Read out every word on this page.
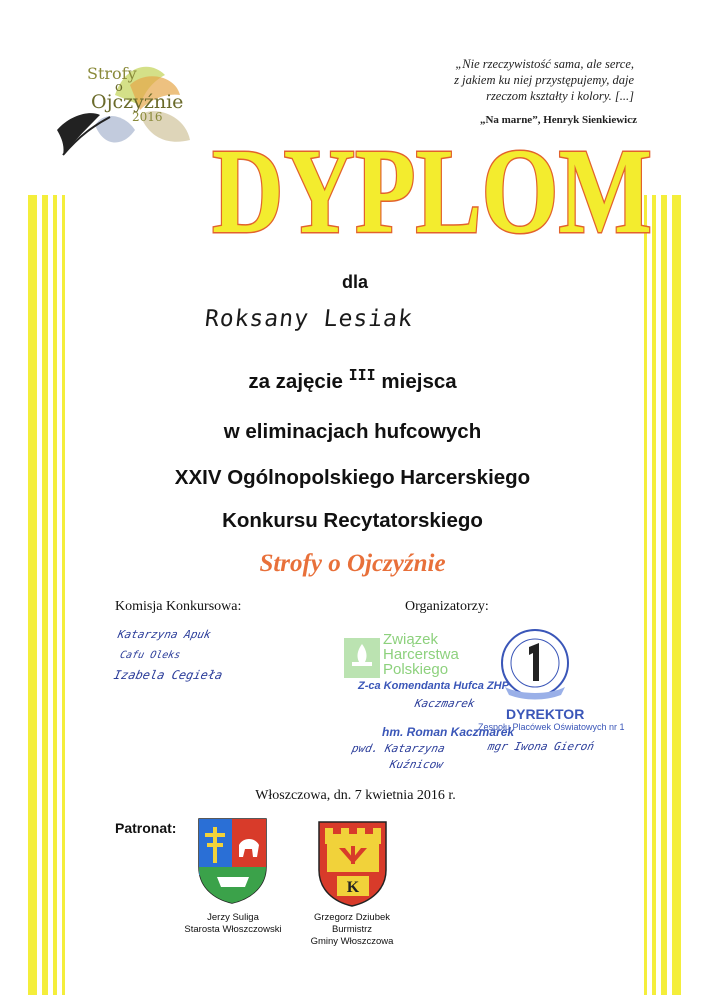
Strofy
o
Ojczyźnie
2016
„Nie rzeczywistość sama, ale serce,
z jakiem ku niej przystępujemy, daje
rzeczom kształty i kolory. [...]
„Na marne”, Henryk Sienkiewicz
DYPLOM
dla
Roksany Lesiak
za zajęcie III miejsca
w eliminacjach hufcowych
XXIV Ogólnopolskiego Harcerskiego
Konkursu Recytatorskiego
Strofy o Ojczyźnie
Komisja Konkursowa:	Organizatorzy:
Katarzyna Apuk
Cafu Oleks
Izabela Cegieła
Związek
Harcerstwa
Polskiego
Z-ca Komendanta Hufca ZHP
Kaczmarek
hm. Roman Kaczmarek
DYREKTOR
Zespołu Placówek Oświatowych nr 1
pwd. Katarzyna	mgr Iwona Gieroń
Kuźnicow
Włoszczowa, dn. 7 kwietnia 2016 r.
Patronat:
K
Jerzy Suliga
Starosta Włoszczowski
Grzegorz Dziubek
Burmistrz
Gminy Włoszczowa
